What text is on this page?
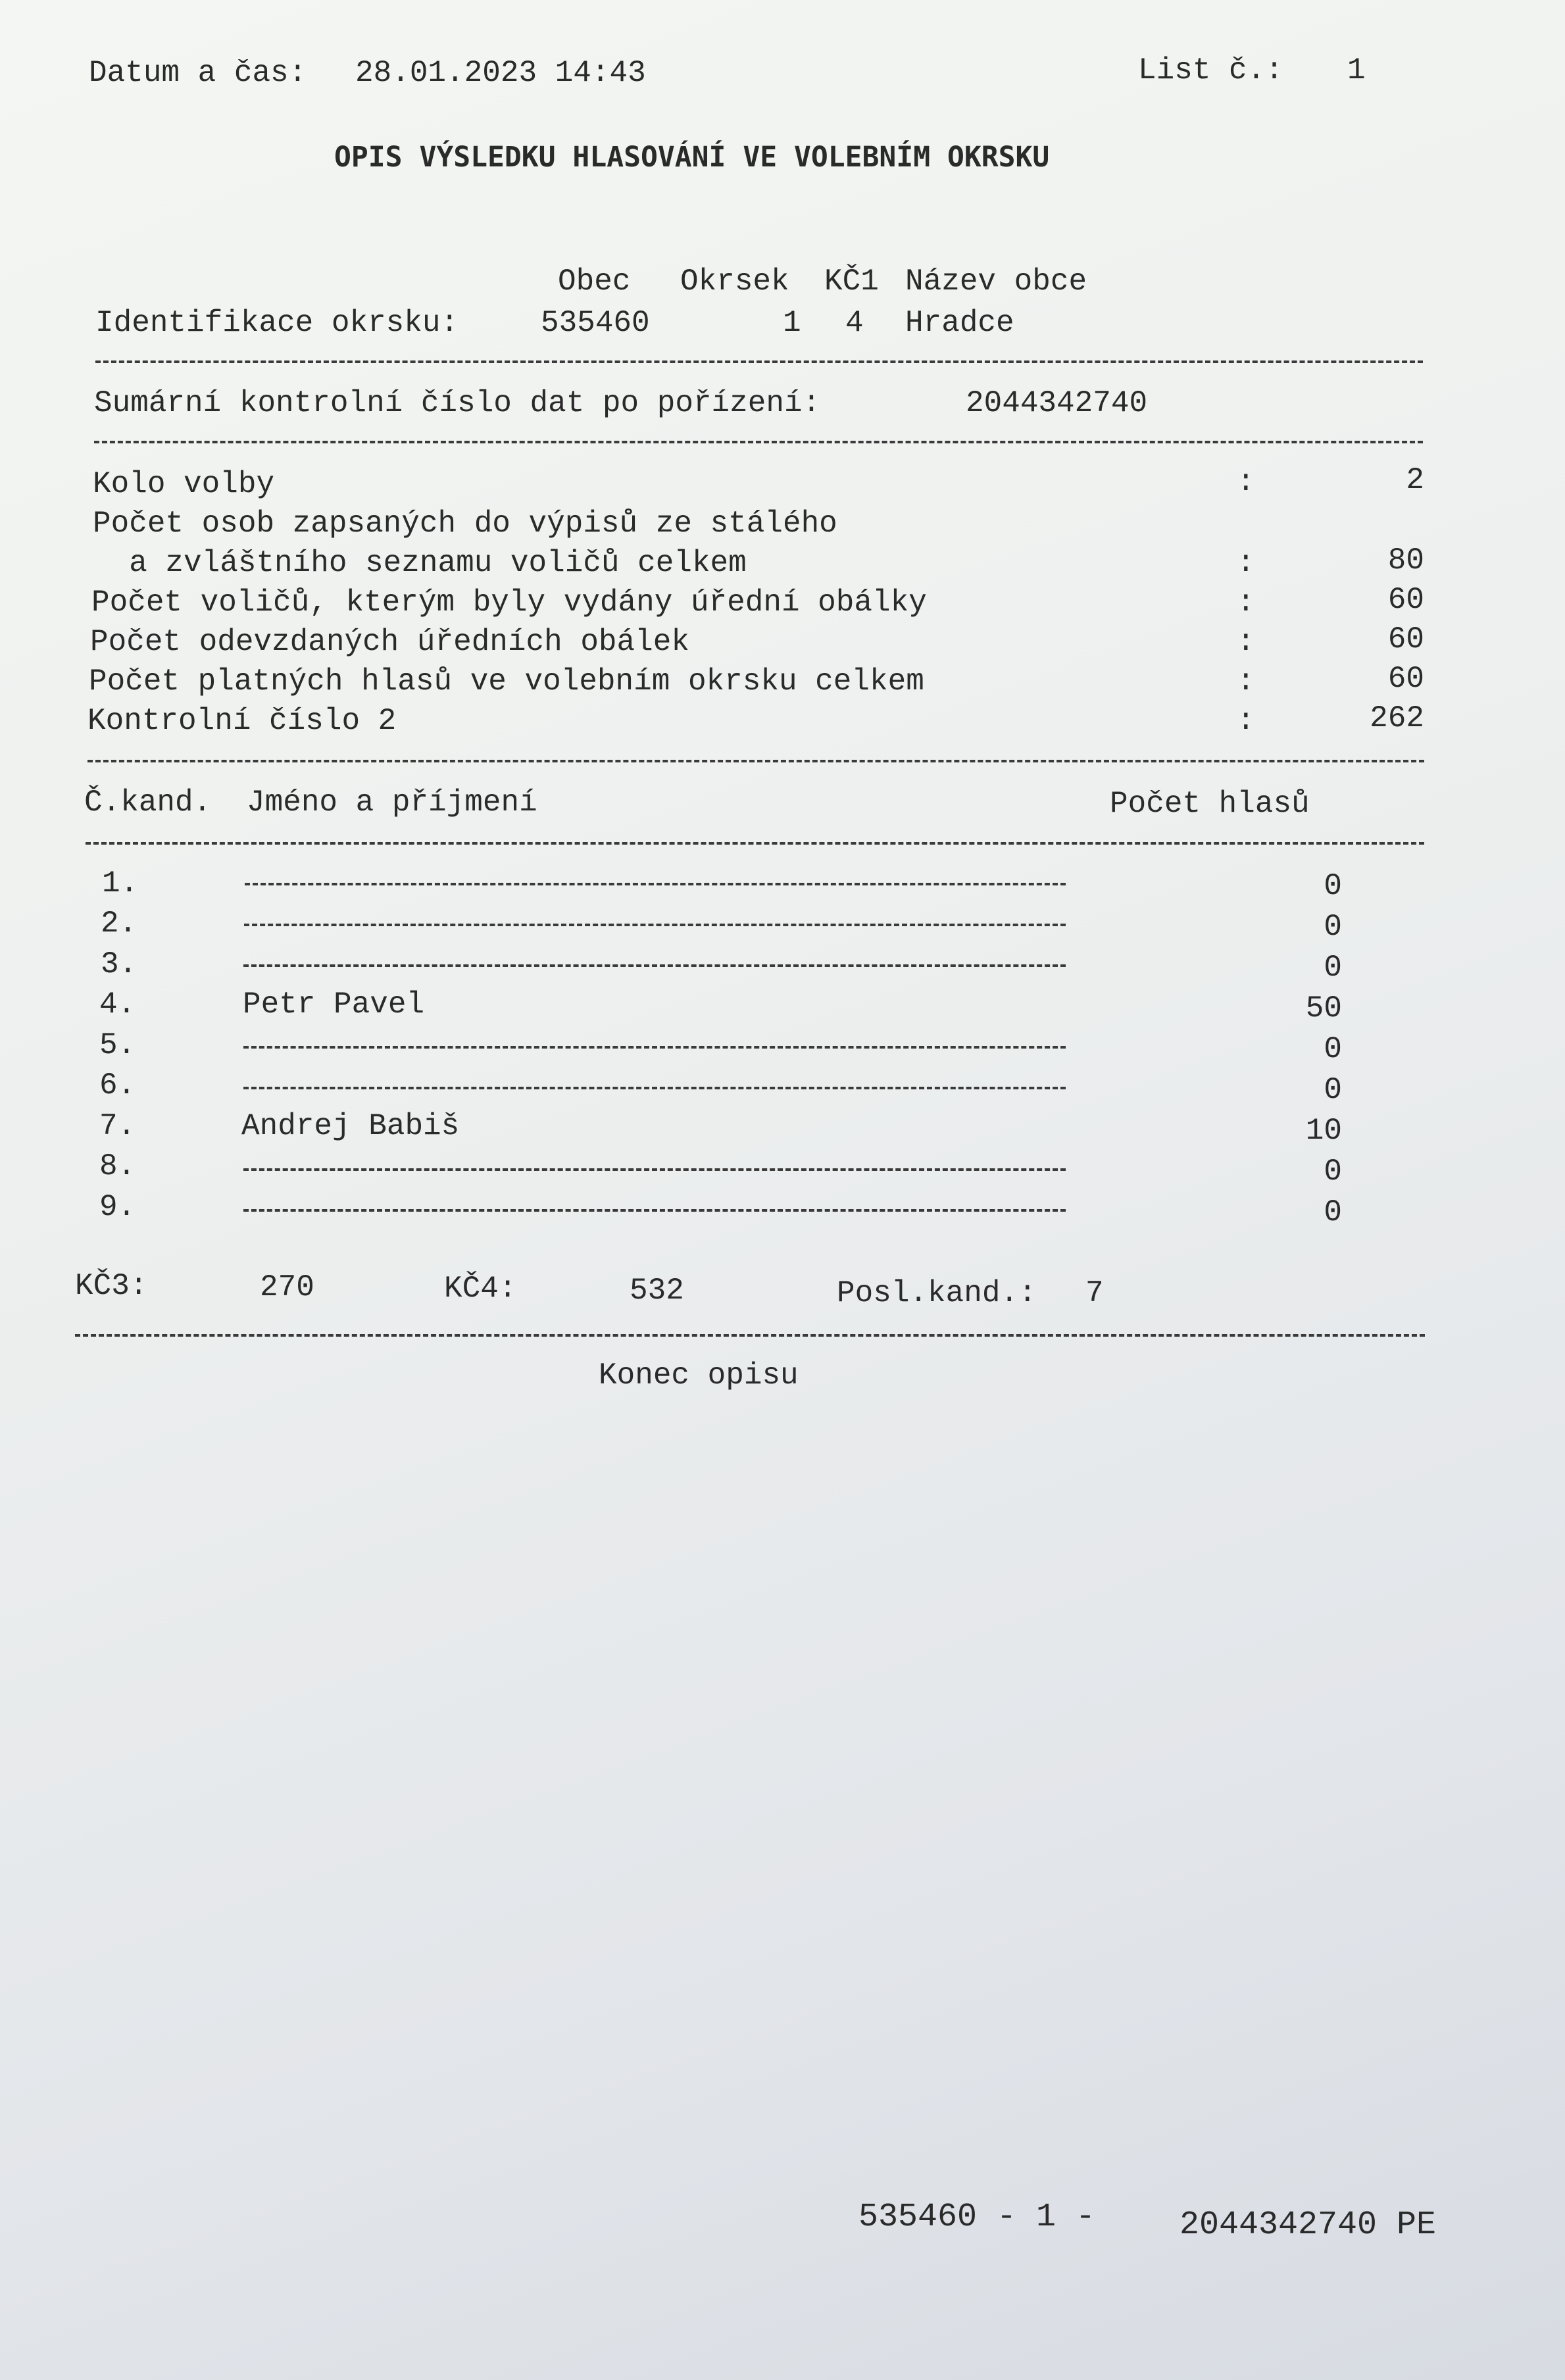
Datum a čas: 28.01.2023 14:43	List č.: 1
OPIS VÝSLEDKU HLASOVÁNÍ VE VOLEBNÍM OKRSKU
Obec Okrsek KČ1 Název obce
Identifikace okrsku:	535460	1 4 Hradce
Sumární kontrolní číslo dat po pořízení:	2044342740
Kolo volby	:	2
Počet osob zapsaných do výpisů ze stálého
a zvláštního seznamu voličů celkem	:	80
Počet voličů, kterým byly vydány úřední obálky	:	60
Počet odevzdaných úředních obálek	:	60
Počet platných hlasů ve volebním okrsku celkem	:	60
Kontrolní číslo 2	:	262
Č.kand. Jméno a příjmení	Počet hlasů
1.	0
2.	0
3.	0
4.	Petr Pavel	50
5.	0
6.	0
7.	Andrej Babiš	10
8.	0
9.	0
KČ3:	270	KČ4:	532	Posl.kand.: 7
Konec opisu
535460 - 1 -	2044342740 PE
